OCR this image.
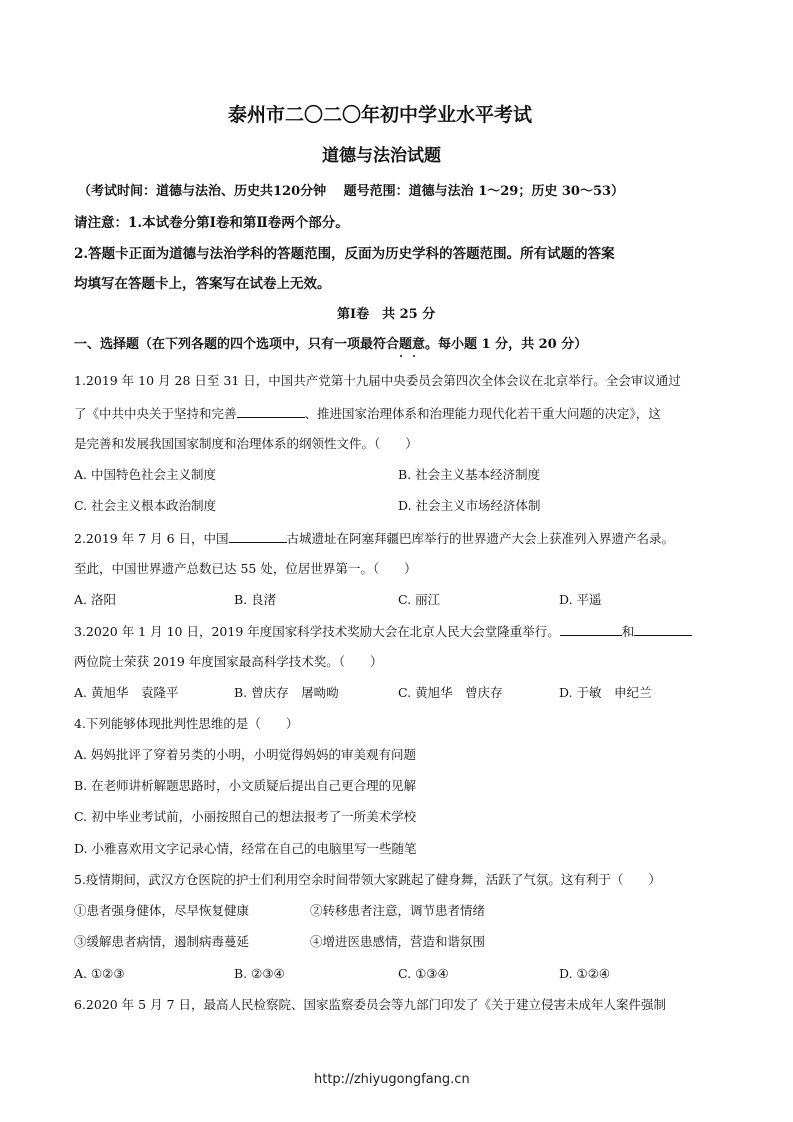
泰州市二〇二〇年初中学业水平考试
道德与法治试题
（考试时间：道德与法治、历史共120分钟　 题号范围：道德与法治 1～29；历史 30～53）
请注意：1.本试卷分第Ⅰ卷和第Ⅱ卷两个部分。
2.答题卡正面为道德与法治学科的答题范围，反面为历史学科的答题范围。所有试题的答案
均填写在答题卡上，答案写在试卷上无效。
第Ⅰ卷　共 25 分
一、选择题（在下列各题的四个选项中，只有一项最符合题意。每小题 1 分，共 20 分）
1.2019 年 10 月 28 日至 31 日，中国共产党第十九届中央委员会第四次全体会议在北京举行。全会审议通过
了《中共中央关于坚持和完善	、推进国家治理体系和治理能力现代化若干重大问题的决定》，这
是完善和发展我国国家制度和治理体系的纲领性文件。（　　）
A. 中国特色社会主义制度	B. 社会主义基本经济制度
C. 社会主义根本政治制度	D. 社会主义市场经济体制
2.2019 年 7 月 6 日，中国	古城遗址在阿塞拜疆巴库举行的世界遗产大会上获准列入界遗产名录。
至此，中国世界遗产总数已达 55 处，位居世界第一。（　　）
A. 洛阳	B. 良渚	C. 丽江	D. 平遥
3.2020 年 1 月 10 日，2019 年度国家科学技术奖励大会在北京人民大会堂隆重举行。	和
两位院士荣获 2019 年度国家最高科学技术奖。（　　）
A. 黄旭华　袁隆平	B. 曾庆存　屠呦呦	C. 黄旭华　曾庆存	D. 于敏　申纪兰
4.下列能够体现批判性思维的是（　　）
A. 妈妈批评了穿着另类的小明，小明觉得妈妈的审美观有问题
B. 在老师讲析解题思路时，小文质疑后提出自己更合理的见解
C. 初中毕业考试前，小丽按照自己的想法报考了一所美术学校
D. 小雅喜欢用文字记录心情，经常在自己的电脑里写一些随笔
5.疫情期间，武汉方仓医院的护士们利用空余时间带领大家跳起了健身舞，活跃了气氛。这有利于（　　）
①患者强身健体，尽早恢复健康	②转移患者注意，调节患者情绪
③缓解患者病情，遏制病毒蔓延	④增进医患感情，营造和谐氛围
A. ①②③	B. ②③④	C. ①③④	D. ①②④
6.2020 年 5 月 7 日，最高人民检察院、国家监察委员会等九部门印发了《关于建立侵害未成年人案件强制
http://zhiyugongfang.cn
